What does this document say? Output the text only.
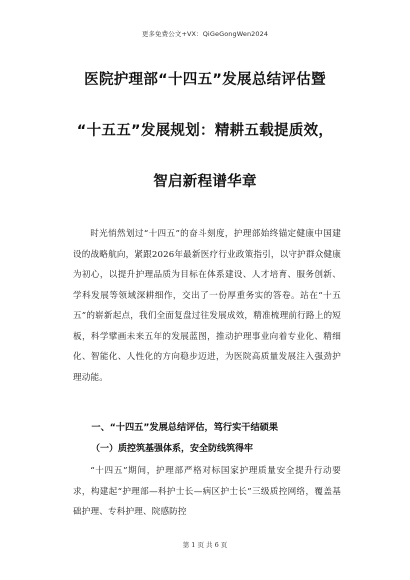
更多免费公文+VX：QiGeGongWen2024
医院护理部“十四五”发展总结评估暨
“十五五”发展规划：精耕五载提质效，
智启新程谱华章
时光悄然划过“十四五”的奋斗刻度，护理部始终锚定健康中国建设的战略航向，紧跟2026年最新医疗行业政策指引，以守护群众健康为初心，以提升护理品质为目标在体系建设、人才培育、服务创新、学科发展等领域深耕细作，交出了一份厚重务实的答卷。站在“十五五”的崭新起点，我们全面复盘过往发展成效，精准梳理前行路上的短板，科学擘画未来五年的发展蓝图，推动护理事业向着专业化、精细化、智能化、人性化的方向稳步迈进，为医院高质量发展注入强劲护理动能。
一、“十四五”发展总结评估，笃行实干结硕果
（一）质控筑基强体系，安全防线筑得牢
“十四五”期间，护理部严格对标国家护理质量安全提升行动要求，构建起“护理部—科护士长—病区护士长”三级质控网络，覆盖基础护理、专科护理、院感防控
第 1 页 共 6 页
